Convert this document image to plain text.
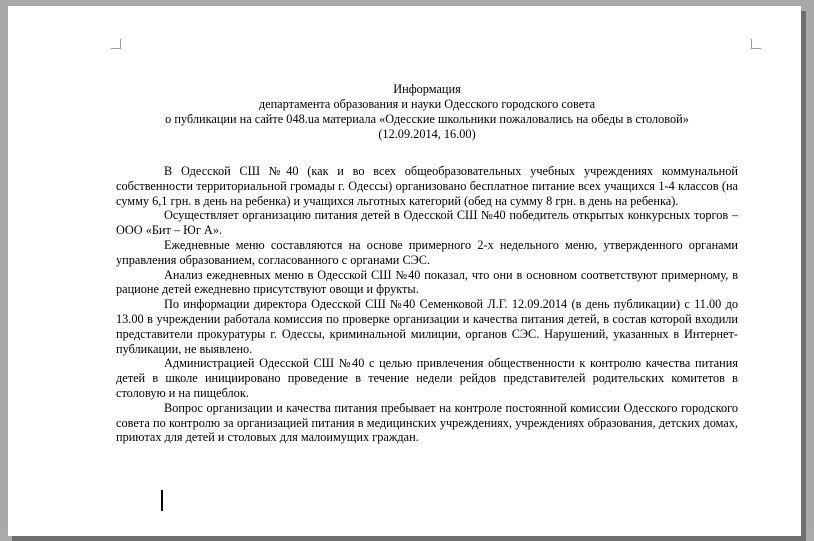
Информация
департамента образования и науки Одесского городского совета
о публикации на сайте 048.ua материала «Одесские школьники пожаловались на обеды в столовой»
(12.09.2014, 16.00)

В Одесской СШ №40 (как и во всех общеобразовательных учебных учреждениях коммунальной собственности территориальной громады г. Одессы) организовано бесплатное питание всех учащихся 1-4 классов (на сумму 6,1 грн. в день на ребенка) и учащихся льготных категорий (обед на сумму 8 грн. в день на ребенка).

Осуществляет организацию питания детей в Одесской СШ №40 победитель открытых конкурсных торгов – ООО «Бит – Юг А».

Ежедневные меню составляются на основе примерного 2-х недельного меню, утвержденного органами управления образованием, согласованного с органами СЭС.

Анализ ежедневных меню в Одесской СШ №40 показал, что они в основном соответствуют примерному, в рационе детей ежедневно присутствуют овощи и фрукты.

По информации директора Одесской СШ №40 Семенковой Л.Г. 12.09.2014 (в день публикации) с 11.00 до 13.00 в учреждении работала комиссия по проверке организации и качества питания детей, в состав которой входили представители прокуратуры г. Одессы, криминальной милиции, органов СЭС. Нарушений, указанных в Интернет-публикации, не выявлено.

Администрацией Одесской СШ №40 с целью привлечения общественности к контролю качества питания детей в школе инициировано проведение в течение недели рейдов представителей родительских комитетов в столовую и на пищеблок.

Вопрос организации и качества питания пребывает на контроле постоянной комиссии Одесского городского совета по контролю за организацией питания в медицинских учреждениях, учреждениях образования, детских домах, приютах для детей и столовых для малоимущих граждан.
